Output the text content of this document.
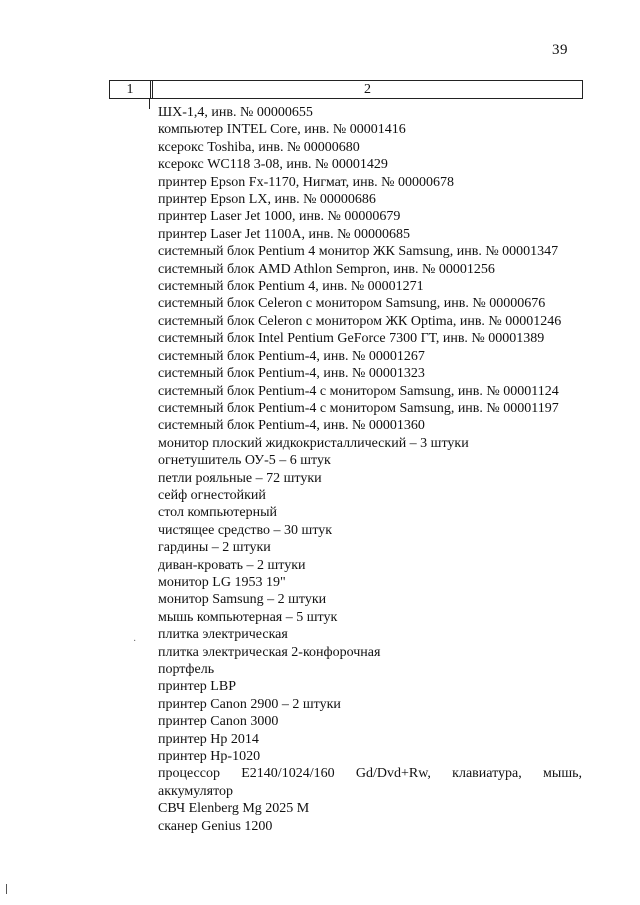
39
1	2
ШХ-1,4, инв. № 00000655
компьютер INTEL Core, инв. № 00001416
ксерокс Toshiba, инв. № 00000680
ксерокс WC118 3-08, инв. № 00001429
принтер Epson Fx-1170, Нигмат, инв. № 00000678
принтер Epson LX, инв. № 00000686
принтер Laser Jet 1000, инв. № 00000679
принтер Laser Jet 1100A, инв. № 00000685
системный блок Pentium 4 монитор ЖК Samsung, инв. № 00001347
системный блок AMD Athlon Sempron, инв. № 00001256
системный блок Pentium 4, инв. № 00001271
системный блок Celeron с монитором Samsung, инв. № 00000676
системный блок Celeron с монитором ЖК Optima, инв. № 00001246
системный блок Intel Pentium GeForce 7300 ГТ, инв. № 00001389
системный блок Pentium-4, инв. № 00001267
системный блок Pentium-4, инв. № 00001323
системный блок Pentium-4 с монитором Samsung, инв. № 00001124
системный блок Pentium-4 с монитором Samsung, инв. № 00001197
системный блок Pentium-4, инв. № 00001360
монитор плоский жидкокристаллический – 3 штуки
огнетушитель ОУ-5 – 6 штук
петли рояльные – 72 штуки
сейф огнестойкий
стол компьютерный
чистящее средство – 30 штук
гардины – 2 штуки
диван-кровать – 2 штуки
монитор LG 1953 19"
монитор Samsung – 2 штуки
мышь компьютерная – 5 штук
плитка электрическая
плитка электрическая 2-конфорочная
портфель
принтер LBP
принтер Canon 2900 – 2 штуки
принтер Canon 3000
принтер Hp 2014
принтер Hp-1020
процессор E2140/1024/160 Gd/Dvd+Rw, клавиатура, мышь,
аккумулятор
СВЧ Elenberg Mg 2025 M
сканер Genius 1200
·
